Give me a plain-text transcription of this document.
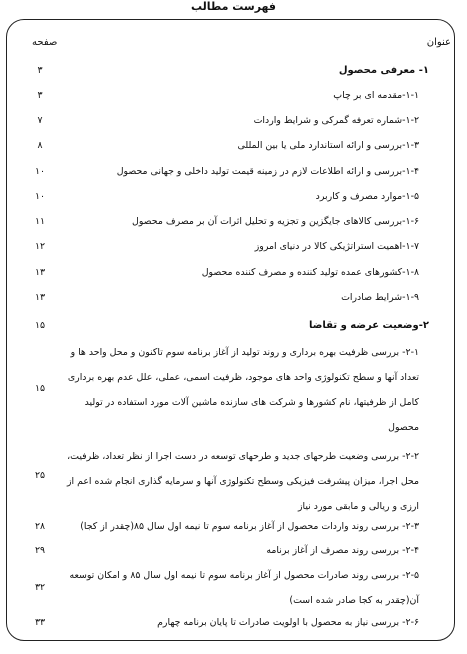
فهرست مطالب
عنوان
صفحه
۱- معرفی محصول
۳
۱-۱-مقدمه ای بر چاپ
۳
۱-۲-شماره تعرفه گمرکی و شرایط واردات
۷
۱-۳-بررسی و ارائه استاندارد ملی یا بین المللی
۸
۱-۴-بررسی و ارائه اطلاعات لازم در زمینه قیمت تولید داخلی و جهانی محصول
۱۰
۱-۵-موارد مصرف و کاربرد
۱۰
۱-۶-بررسی کالاهای جایگزین و تجزیه و تحلیل اثرات آن بر مصرف محصول
۱۱
۱-۷-اهمیت استراتژیکی کالا در دنیای امروز
۱۲
۱-۸-کشورهای عمده تولید کننده و مصرف کننده محصول
۱۳
۱-۹-شرایط صادرات
۱۳
۲-وضعیت عرضه و تقاضا
۱۵
۲-۱- بررسی ظرفیت بهره برداری و روند تولید از آغاز برنامه سوم تاکنون و محل واحد ها و
تعداد آنها و سطح تکنولوژی واحد های موجود، ظرفیت اسمی، عملی، علل عدم بهره برداری
کامل از ظرفیتها، نام کشورها و شرکت های سازنده ماشین آلات مورد استفاده در تولید
محصول
۱۵
۲-۲- بررسی وضعیت طرحهای جدید و طرحهای توسعه در دست اجرا از نظر تعداد، ظرفیت،
محل اجرا، میزان پیشرفت فیزیکی وسطح تکنولوژی آنها و سرمایه گذاری انجام شده اعم از
ارزی و ریالی و مابقی مورد نیاز
۲۵
۲-۳- بررسی روند واردات محصول از آغاز برنامه سوم تا نیمه اول سال ۸۵(چقدر از کجا)
۲۸
۲-۴- بررسی روند مصرف از آغاز برنامه
۲۹
۲-۵- بررسی روند صادرات محصول از آغاز برنامه سوم تا نیمه اول سال ۸۵ و امکان توسعه
آن(چقدر به کجا صادر شده است)
۳۲
۲-۶- بررسی نیاز به محصول با اولویت صادرات تا پایان برنامه چهارم
۳۳
